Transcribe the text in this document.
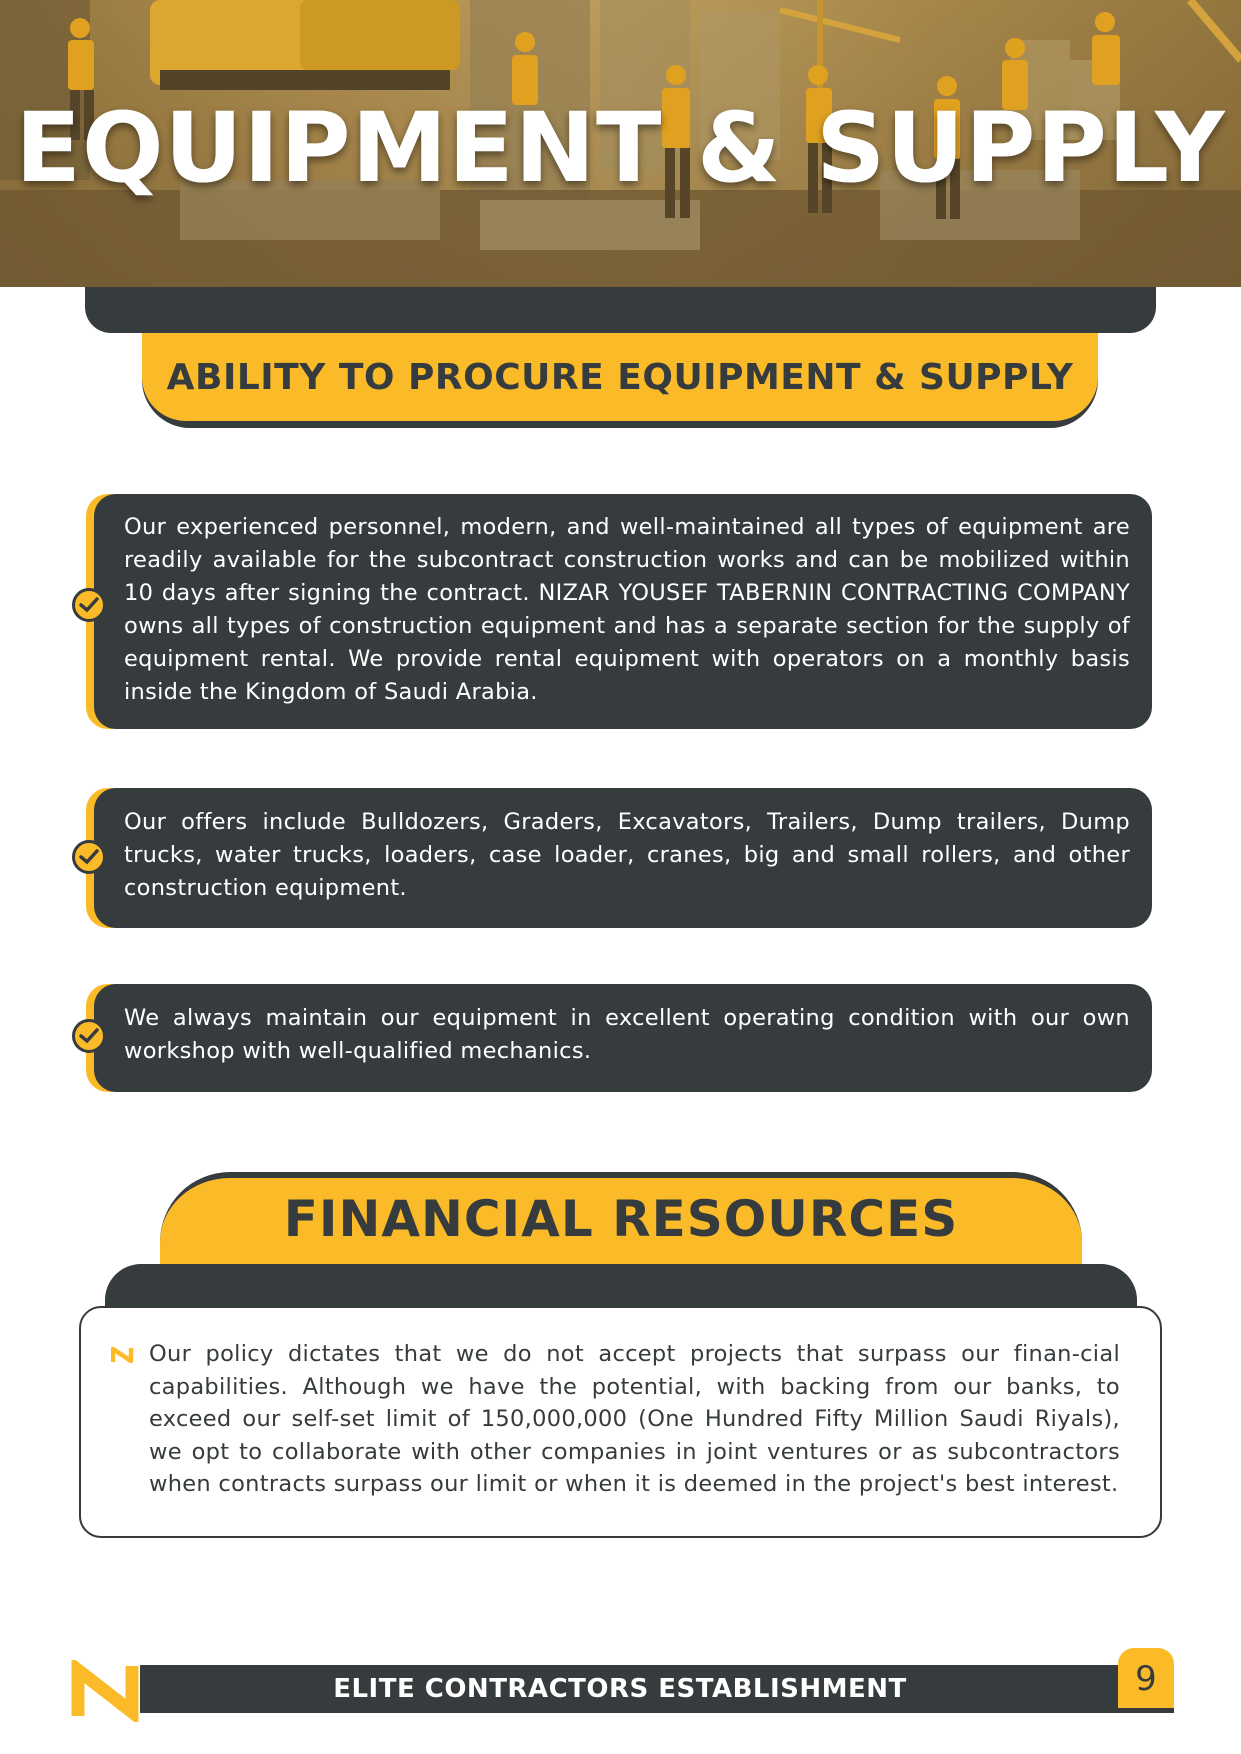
EQUIPMENT & SUPPLY
ABILITY TO PROCURE EQUIPMENT & SUPPLY
Our experienced personnel, modern, and well-maintained all types of equipment are readily available for the subcontract construction works and can be mobilized within 10 days after signing the contract. NIZAR YOUSEF TABERNIN CONTRACTING COMPANY owns all types of construction equipment and has a separate section for the supply of equipment rental. We provide rental equipment with operators on a monthly basis inside the Kingdom of Saudi Arabia.
Our offers include Bulldozers, Graders, Excavators, Trailers, Dump trailers, Dump trucks, water trucks, loaders, case loader, cranes, big and small rollers, and other construction equipment.
We always maintain our equipment in excellent operating condition with our own workshop with well-qualified mechanics.
FINANCIAL RESOURCES
Our policy dictates that we do not accept projects that surpass our finan-cial capabilities. Although we have the potential, with backing from our banks, to exceed our self-set limit of 150,000,000 (One Hundred Fifty Million Saudi Riyals), we opt to collaborate with other companies in joint ventures or as subcontractors when contracts surpass our limit or when it is deemed in the project's best interest.
ELITE CONTRACTORS ESTABLISHMENT	9
